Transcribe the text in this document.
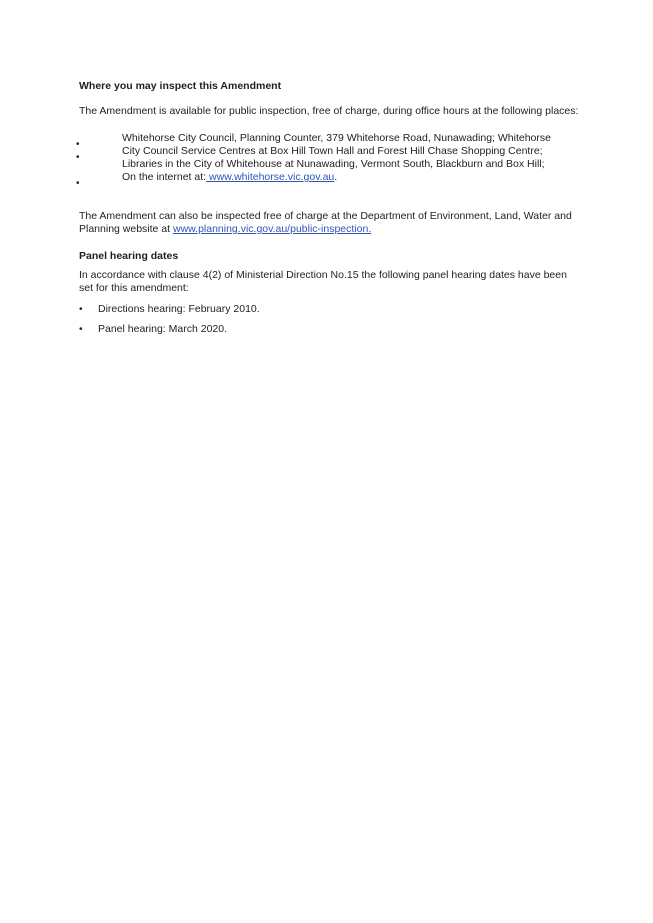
Where you may inspect this Amendment

The Amendment is available for public inspection, free of charge, during office hours at the following places:

•
•
•
Whitehorse City Council, Planning Counter, 379 Whitehorse Road, Nunawading; Whitehorse
City Council Service Centres at Box Hill Town Hall and Forest Hill Chase Shopping Centre;
Libraries in the City of Whitehouse at Nunawading, Vermont South, Blackburn and Box Hill;
On the internet at: www.whitehorse.vic.gov.au.

The Amendment can also be inspected free of charge at the Department of Environment, Land, Water and Planning website at www.planning.vic.gov.au/public-inspection.

Panel hearing dates

In accordance with clause 4(2) of Ministerial Direction No.15 the following panel hearing dates have been set for this amendment:

• Directions hearing: February 2010.
• Panel hearing: March 2020.
